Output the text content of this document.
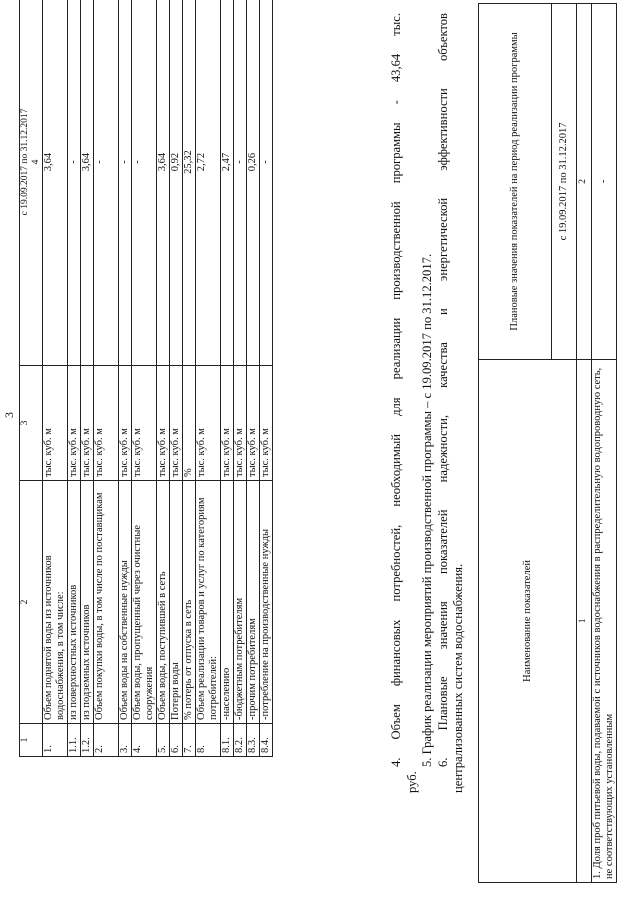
3
1	2	3	с 19.09.2017 по 31.12.2017 4

1.	Объем поднятой воды из источников водоснабжения, в том числе:	тыс. куб. м	3,64
1.1.	из поверхностных источников	тыс. куб. м	-
1.2.	из подземных источников	тыс. куб. м	3,64
2.	Объем покупки воды, в том числе по поставщикам	тыс. куб. м	-
3.	Объем воды на собственные нужды	тыс. куб. м	-
4.	Объем воды, пропущенный через очистные сооружения	тыс. куб. м	-
5.	Объем воды, поступившей в сеть	тыс. куб. м	3,64
6.	Потери воды	тыс. куб. м	0,92
7.	% потерь от отпуска в сеть	%	25,32
8.	Объем реализации товаров и услуг по категориям потребителей:	тыс. куб. м	2,72
8.1.	-населению	тыс. куб. м	2,47
8.2.	-бюджетным потребителям	тыс. куб. м	-
8.3.	-прочим потребителям	тыс. куб. м	0,26
8.4.	-потребление на производственные нужды	тыс. куб. м	-	4. Объем финансовых потребностей, необходимый для реализации производственной программы - 43,64 тыс.

руб.

5. График реализации мероприятий производственной программы – с 19.09.2017 по 31.12.2017. 6. Плановые значения показателей надежности, качества и энергетической эффективности объектов централизованных систем водоснабжения.	Наименование показателей	Плановые значения показателей на период реализации программы
	с 19.09.2017 по 31.12.2017
1	2
1. Доля проб питьевой воды, подаваемой с источников водоснабжения в распределительную водопроводную сеть, не соответствующих установленным	-
